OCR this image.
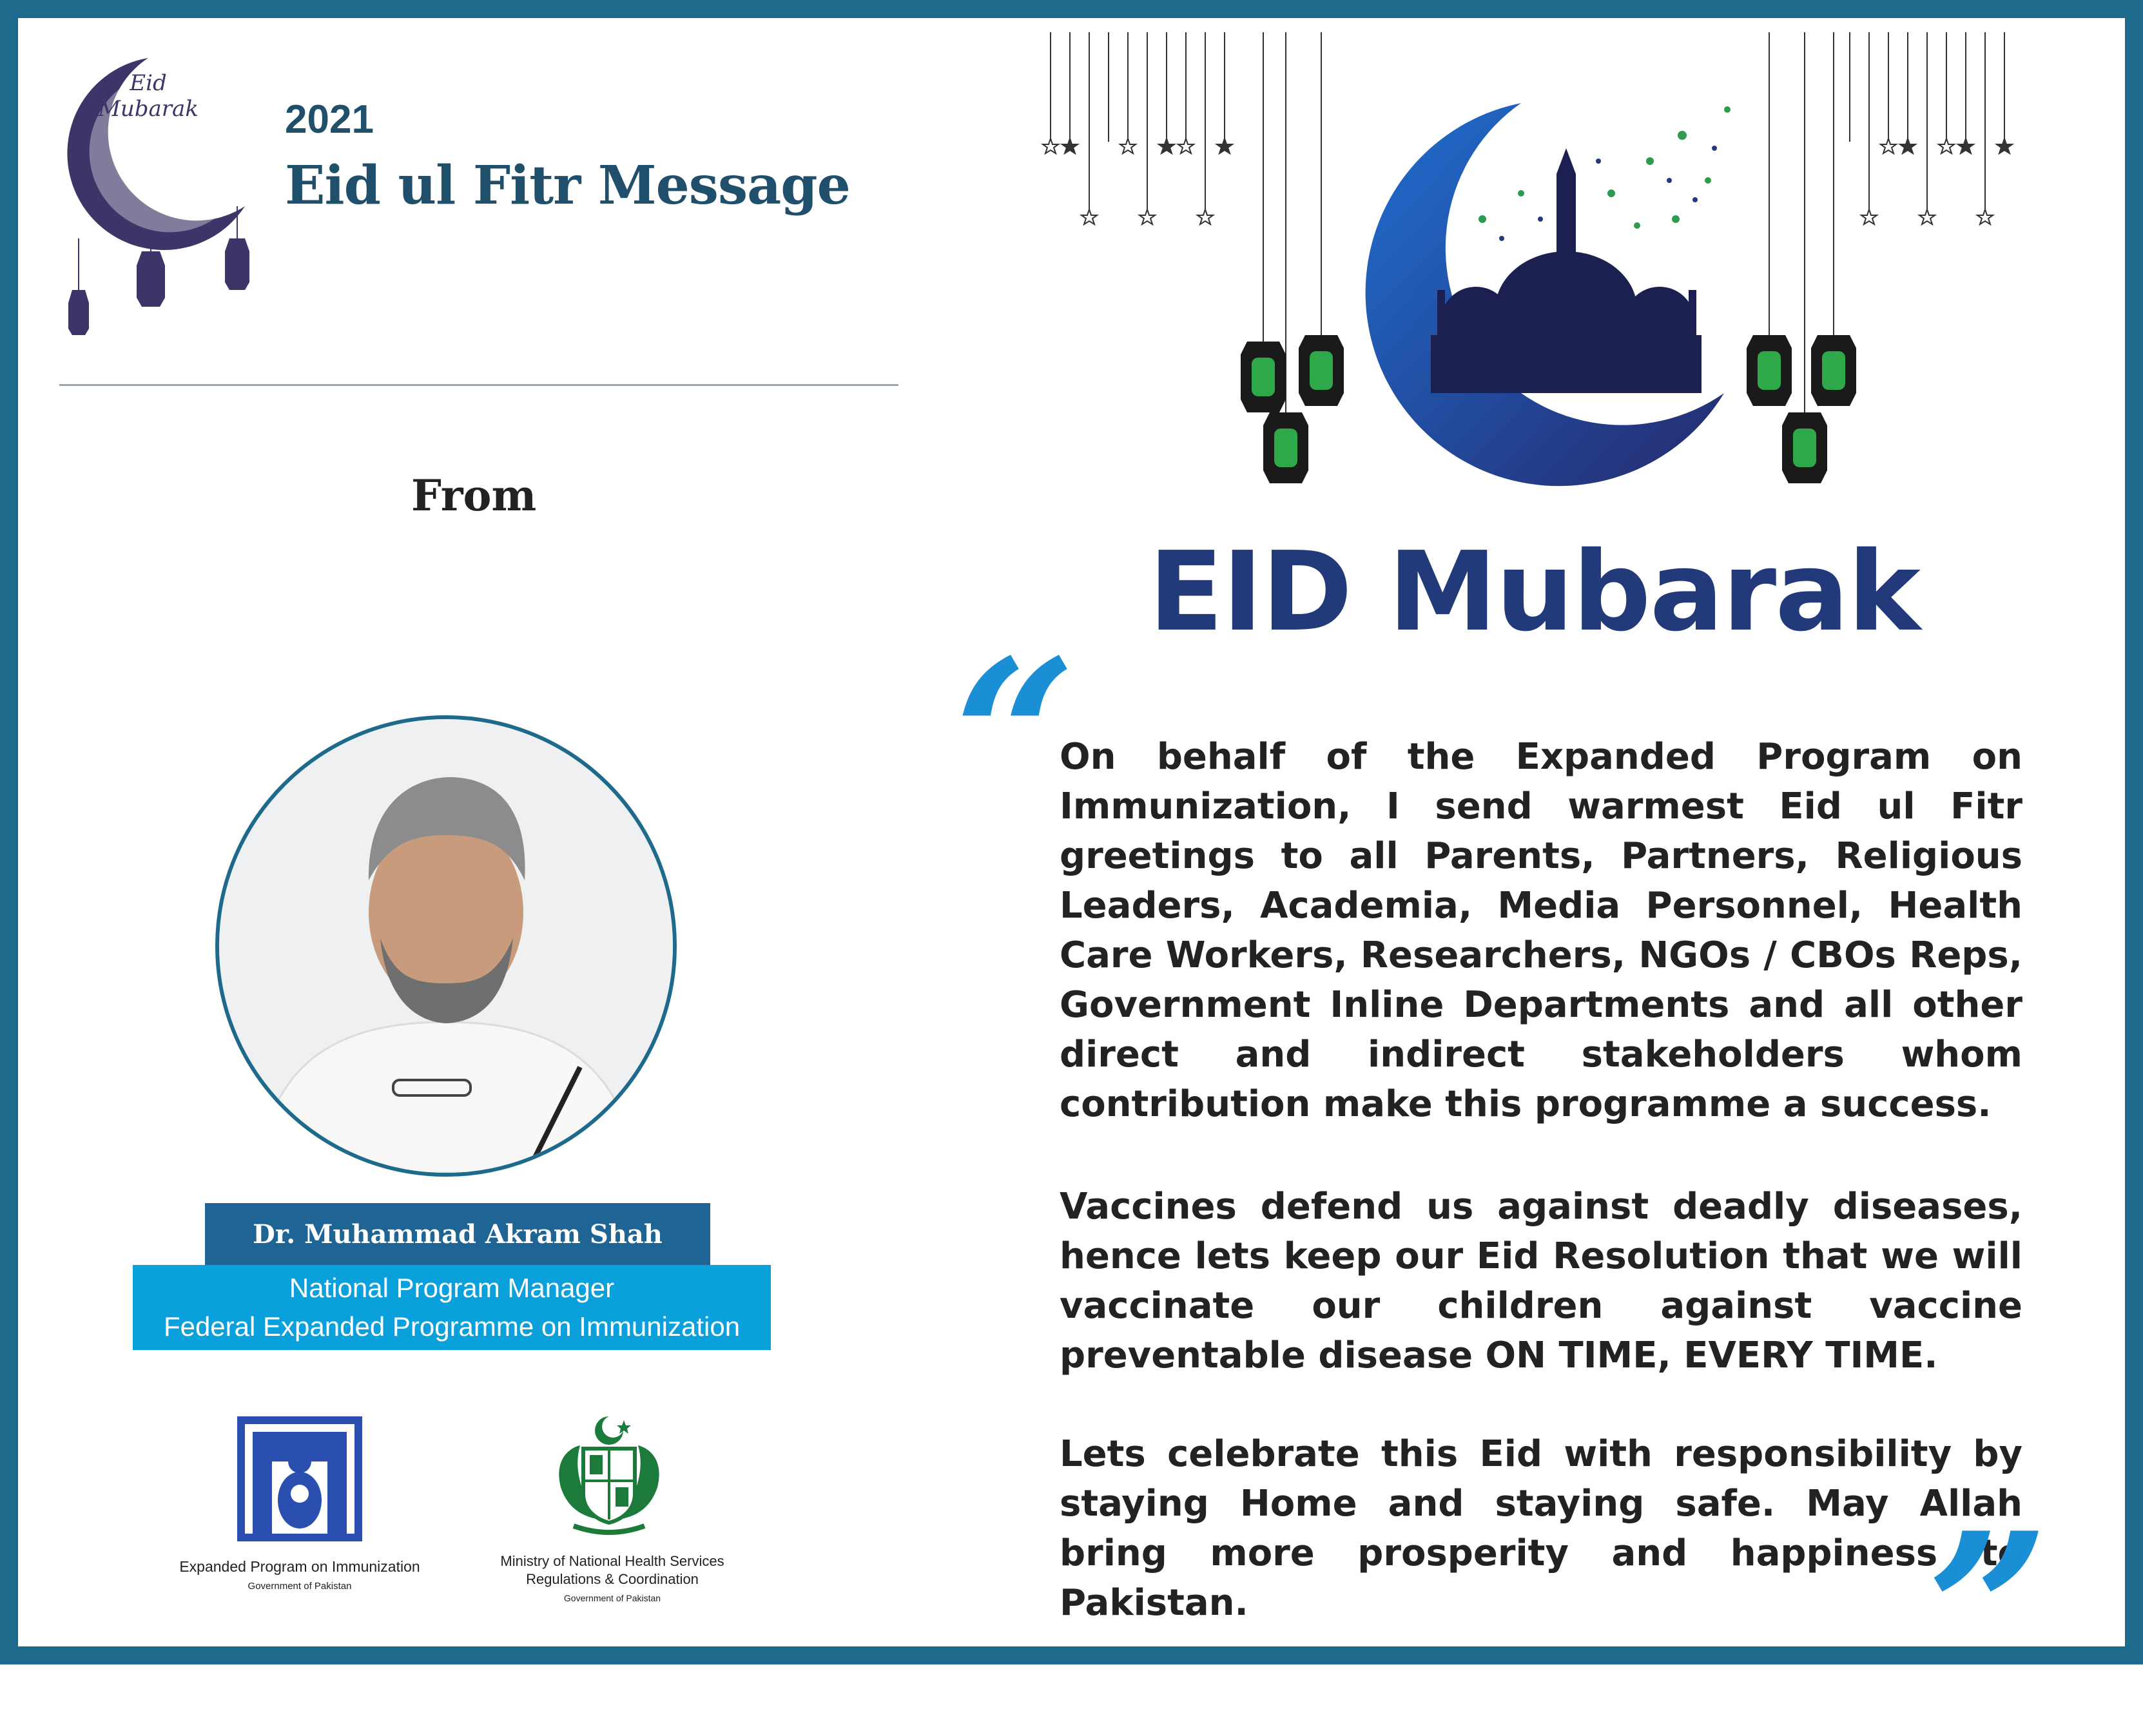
Eid
Mubarak 2021
Eid ul Fitr Message
From
Dr. Muhammad Akram Shah
National Program Manager
Federal Expanded Programme on Immunization
Expanded Program on Immunization
Government of Pakistan
Ministry of National Health Services
Regulations & Coordination
Government of Pakistan
EID Mubarak
“
On behalf of the Expanded Program on Immunization, I send warmest Eid ul Fitr greetings to all Parents, Partners, Religious Leaders, Academia, Media Personnel, Health Care Workers, Researchers, NGOs / CBOs Reps, Government Inline Departments and all other direct and indirect stakeholders whom contribution make this programme a success.
Vaccines defend us against deadly diseases, hence lets keep our Eid Resolution that we will vaccinate our children against vaccine preventable disease ON TIME, EVERY TIME.
Lets celebrate this Eid with responsibility by staying Home and staying safe. May Allah bring more prosperity and happiness to Pakistan.	”
